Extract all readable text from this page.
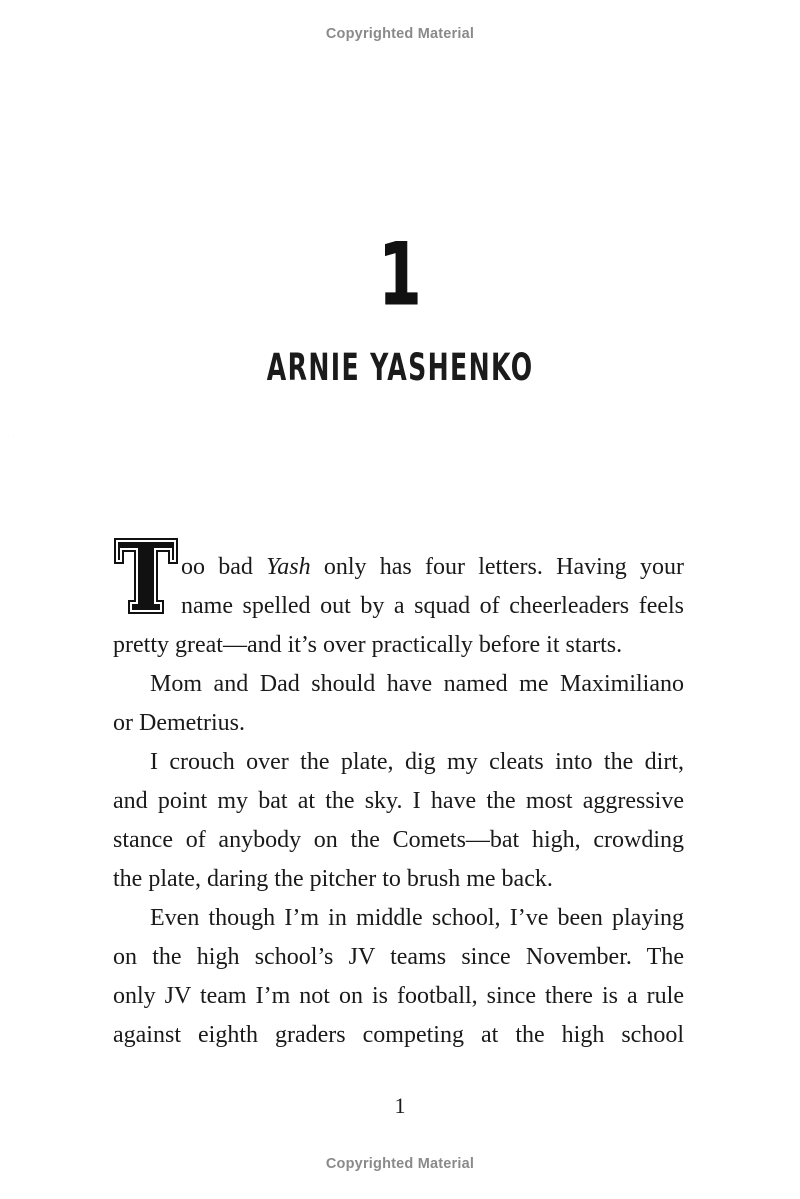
Copyrighted Material
1
ARNIE YASHENKO
T
oo bad Yash only has four letters. Having your
name spelled out by a squad of cheerleaders feels
pretty great—and it’s over practically before it starts.
Mom and Dad should have named me Maximiliano
or Demetrius.
I crouch over the plate, dig my cleats into the dirt,
and point my bat at the sky. I have the most aggressive
stance of anybody on the Comets—bat high, crowding
the plate, daring the pitcher to brush me back.
Even though I’m in middle school, I’ve been playing
on the high school’s JV teams since November. The
only JV team I’m not on is football, since there is a rule
against eighth graders competing at the high school
1
Copyrighted Material
